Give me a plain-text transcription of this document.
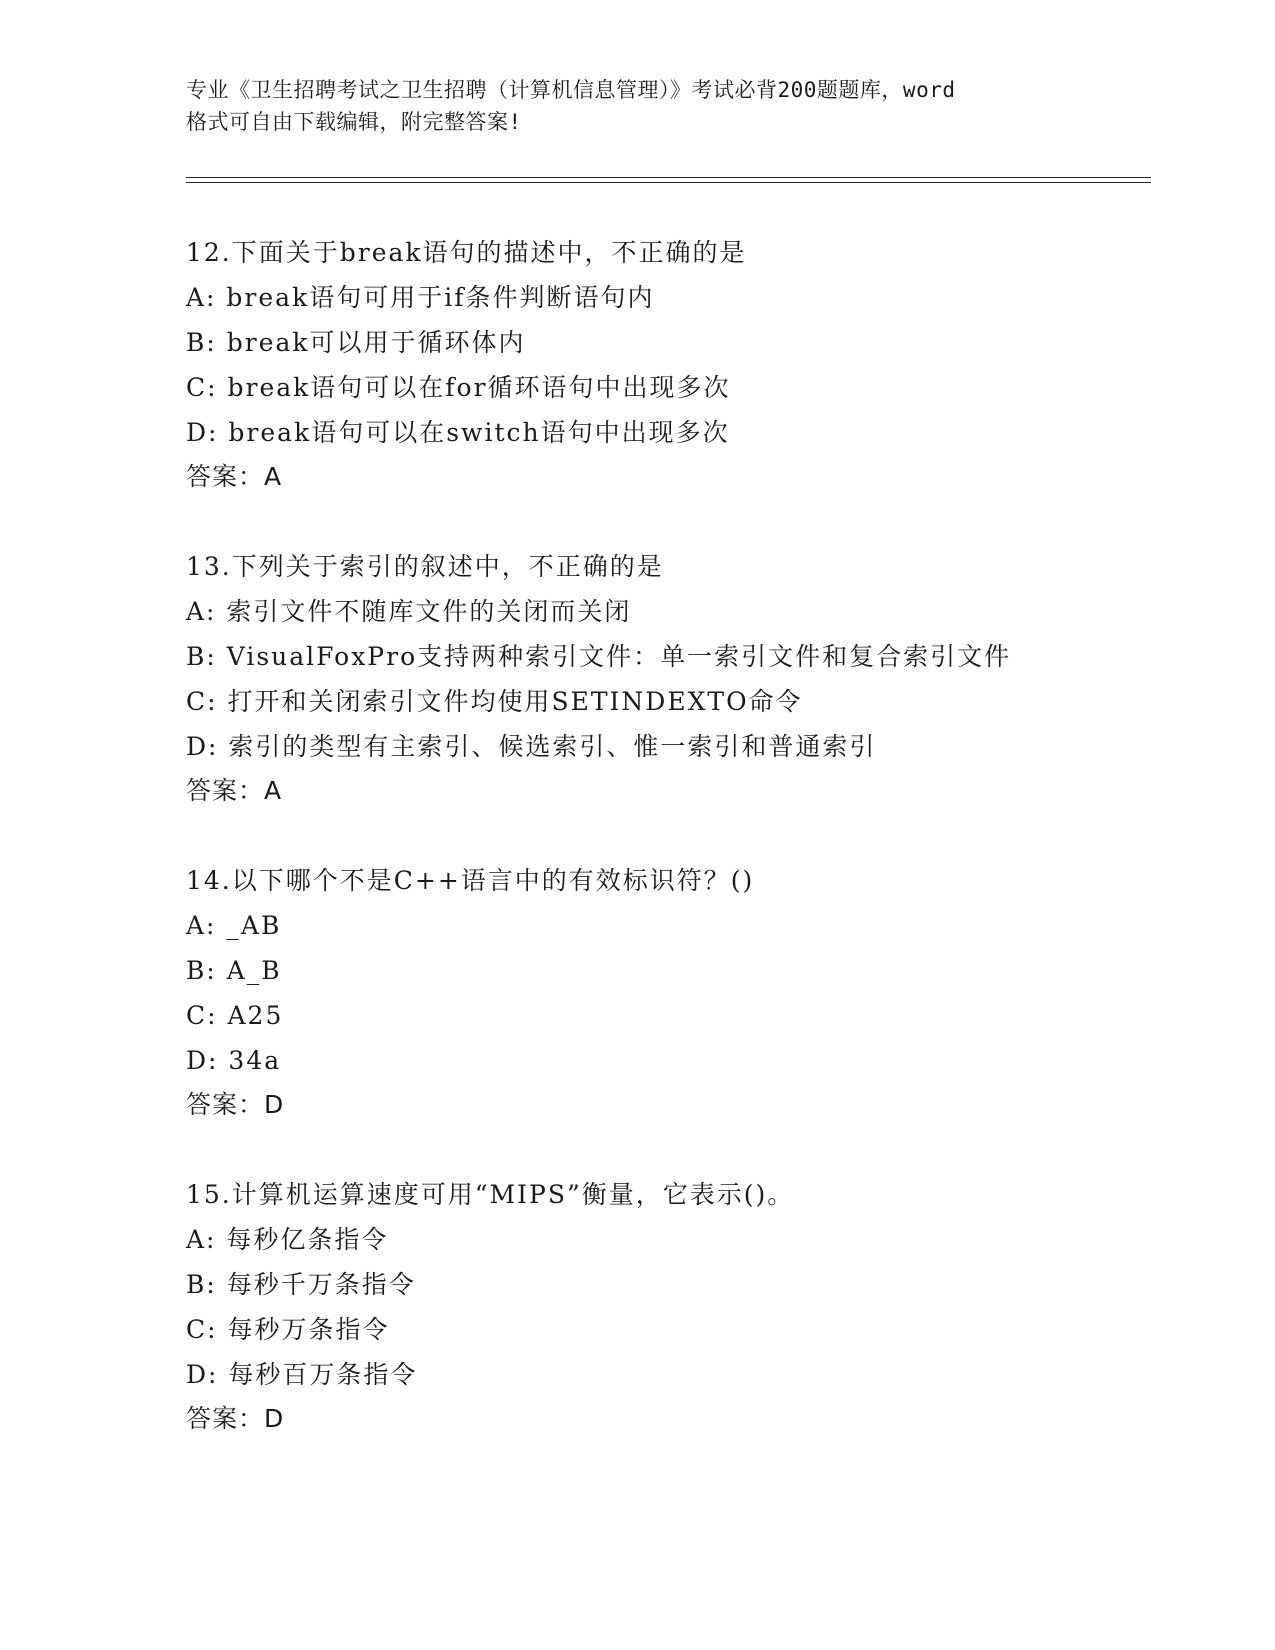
专业《卫生招聘考试之卫生招聘（计算机信息管理）》考试必背200题题库，word
格式可自由下载编辑，附完整答案!
12.下面关于break语句的描述中，不正确的是
A: break语句可用于if条件判断语句内
B: break可以用于循环体内
C: break语句可以在for循环语句中出现多次
D: break语句可以在switch语句中出现多次
答案：A
13.下列关于索引的叙述中，不正确的是
A: 索引文件不随库文件的关闭而关闭
B: VisualFoxPro支持两种索引文件：单一索引文件和复合索引文件
C: 打开和关闭索引文件均使用SETINDEXTO命令
D: 索引的类型有主索引、候选索引、惟一索引和普通索引
答案：A
14.以下哪个不是C++语言中的有效标识符？()
A: _AB
B: A_B
C: A25
D: 34a
答案：D
15.计算机运算速度可用“MIPS”衡量，它表示()。
A: 每秒亿条指令
B: 每秒千万条指令
C: 每秒万条指令
D: 每秒百万条指令
答案：D
